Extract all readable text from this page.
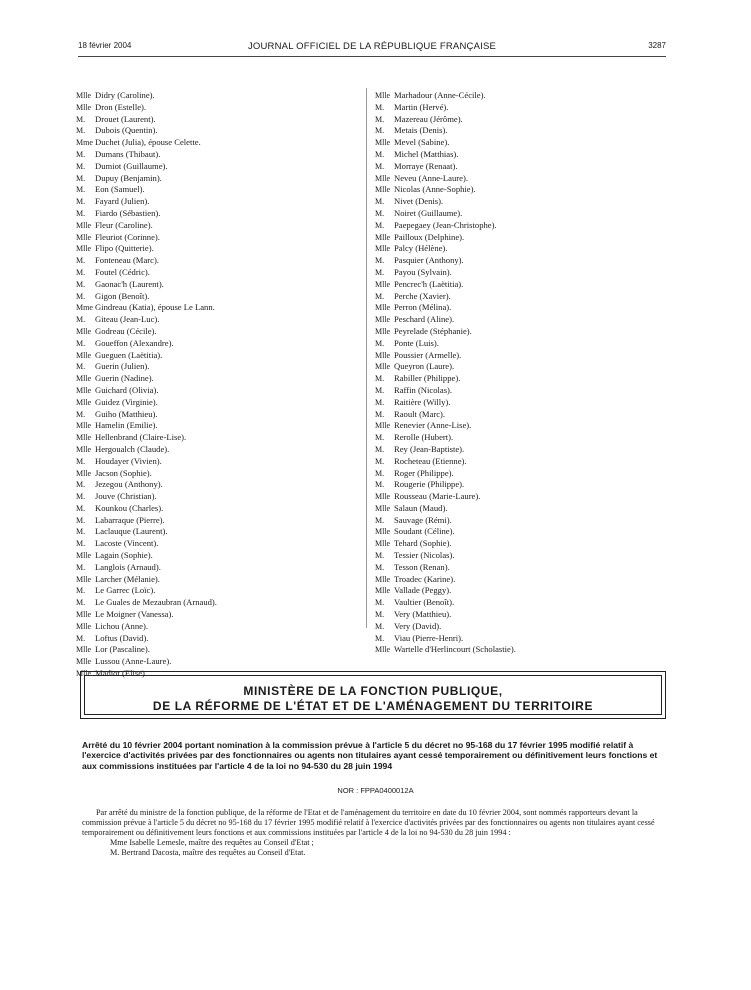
18 février 2004	JOURNAL OFFICIEL DE LA RÉPUBLIQUE FRANÇAISE	3287
Mlle Didry (Caroline).
Mlle Dron (Estelle).
M. Drouet (Laurent).
M. Dubois (Quentin).
Mme Duchet (Julia), épouse Celette.
M. Dumans (Thibaut).
M. Dumiot (Guillaume).
M. Dupuy (Benjamin).
M. Eon (Samuel).
M. Fayard (Julien).
M. Fiardo (Sébastien).
Mlle Fleur (Caroline).
Mlle Fleuriot (Corinne).
Mlle Flipo (Quitterie).
M. Fonteneau (Marc).
M. Foutel (Cédric).
M. Gaonac'h (Laurent).
M. Gigon (Benoît).
Mme Gindreau (Katia), épouse Le Lann.
M. Giteau (Jean-Luc).
Mlle Godreau (Cécile).
M. Goueffon (Alexandre).
Mlle Gueguen (Laëtitia).
M. Guerin (Julien).
Mlle Guerin (Nadine).
Mlle Guichard (Olivia).
Mlle Guidez (Virginie).
M. Guiho (Matthieu).
Mlle Hamelin (Emilie).
Mlle Hellenbrand (Claire-Lise).
Mlle Hergoualch (Claude).
M. Houdayer (Vivien).
Mlle Jacson (Sophie).
M. Jezegou (Anthony).
M. Jouve (Christian).
M. Kounkou (Charles).
M. Labarraque (Pierre).
M. Laclauque (Laurent).
M. Lacoste (Vincent).
Mlle Lagain (Sophie).
M. Langlois (Arnaud).
Mlle Larcher (Mélanie).
M. Le Garrec (Loïc).
M. Le Guales de Mezaubran (Arnaud).
Mlle Le Moigner (Vanessa).
Mlle Lichou (Anne).
M. Loftus (David).
Mlle Lor (Pascaline).
Mlle Lussou (Anne-Laure).
Mlle Madiot (Elise).
Mlle Marhadour (Anne-Cécile).
M. Martin (Hervé).
M. Mazereau (Jérôme).
M. Metais (Denis).
Mlle Mevel (Sabine).
M. Michel (Matthias).
M. Morraye (Renaat).
Mlle Neveu (Anne-Laure).
Mlle Nicolas (Anne-Sophie).
M. Nivet (Denis).
M. Noiret (Guillaume).
M. Paepegaey (Jean-Christophe).
Mlle Pailloux (Delphine).
Mlle Palcy (Hélène).
M. Pasquier (Anthony).
M. Payou (Sylvain).
Mlle Pencrec'h (Laëtitia).
M. Perche (Xavier).
Mlle Perron (Mélina).
Mlle Peschard (Aline).
Mlle Peyrelade (Stéphanie).
M. Ponte (Luis).
Mlle Poussier (Armelle).
Mlle Queyron (Laure).
M. Rabiller (Philippe).
M. Raffin (Nicolas).
M. Raitière (Willy).
M. Raoult (Marc).
Mlle Renevier (Anne-Lise).
M. Rerolle (Hubert).
M. Rey (Jean-Baptiste).
M. Rocheteau (Etienne).
M. Roger (Philippe).
M. Rougerie (Philippe).
Mlle Rousseau (Marie-Laure).
Mlle Salaun (Maud).
M. Sauvage (Rémi).
Mlle Soudant (Céline).
Mlle Tehard (Sophie).
M. Tessier (Nicolas).
M. Tesson (Renan).
Mlle Troadec (Karine).
Mlle Vallade (Peggy).
M. Vaultier (Benoît).
M. Very (Matthieu).
M. Very (David).
M. Viau (Pierre-Henri).
Mlle Wartelle d'Herlincourt (Scholastie).
MINISTÈRE DE LA FONCTION PUBLIQUE,
DE LA RÉFORME DE L'ÉTAT ET DE L'AMÉNAGEMENT DU TERRITOIRE
Arrêté du 10 février 2004 portant nomination à la commission prévue à l'article 5 du décret no 95-168 du 17 février 1995 modifié relatif à l'exercice d'activités privées par des fonctionnaires ou agents non titulaires ayant cessé temporairement ou définitivement leurs fonctions et aux commissions instituées par l'article 4 de la loi no 94-530 du 28 juin 1994
NOR : FPPA0400012A

Par arrêté du ministre de la fonction publique, de la réforme de l'Etat et de l'aménagement du territoire en date du 10 février 2004, sont nommés rapporteurs devant la commission prévue à l'article 5 du décret no 95-168 du 17 février 1995 modifié relatif à l'exercice d'activités privées par des fonctionnaires ou agents non titulaires ayant cessé temporairement ou définitivement leurs fonctions et aux commissions instituées par l'article 4 de la loi no 94-530 du 28 juin 1994 :

Mme Isabelle Lemesle, maître des requêtes au Conseil d'Etat ;

M. Bertrand Dacosta, maître des requêtes au Conseil d'Etat.
